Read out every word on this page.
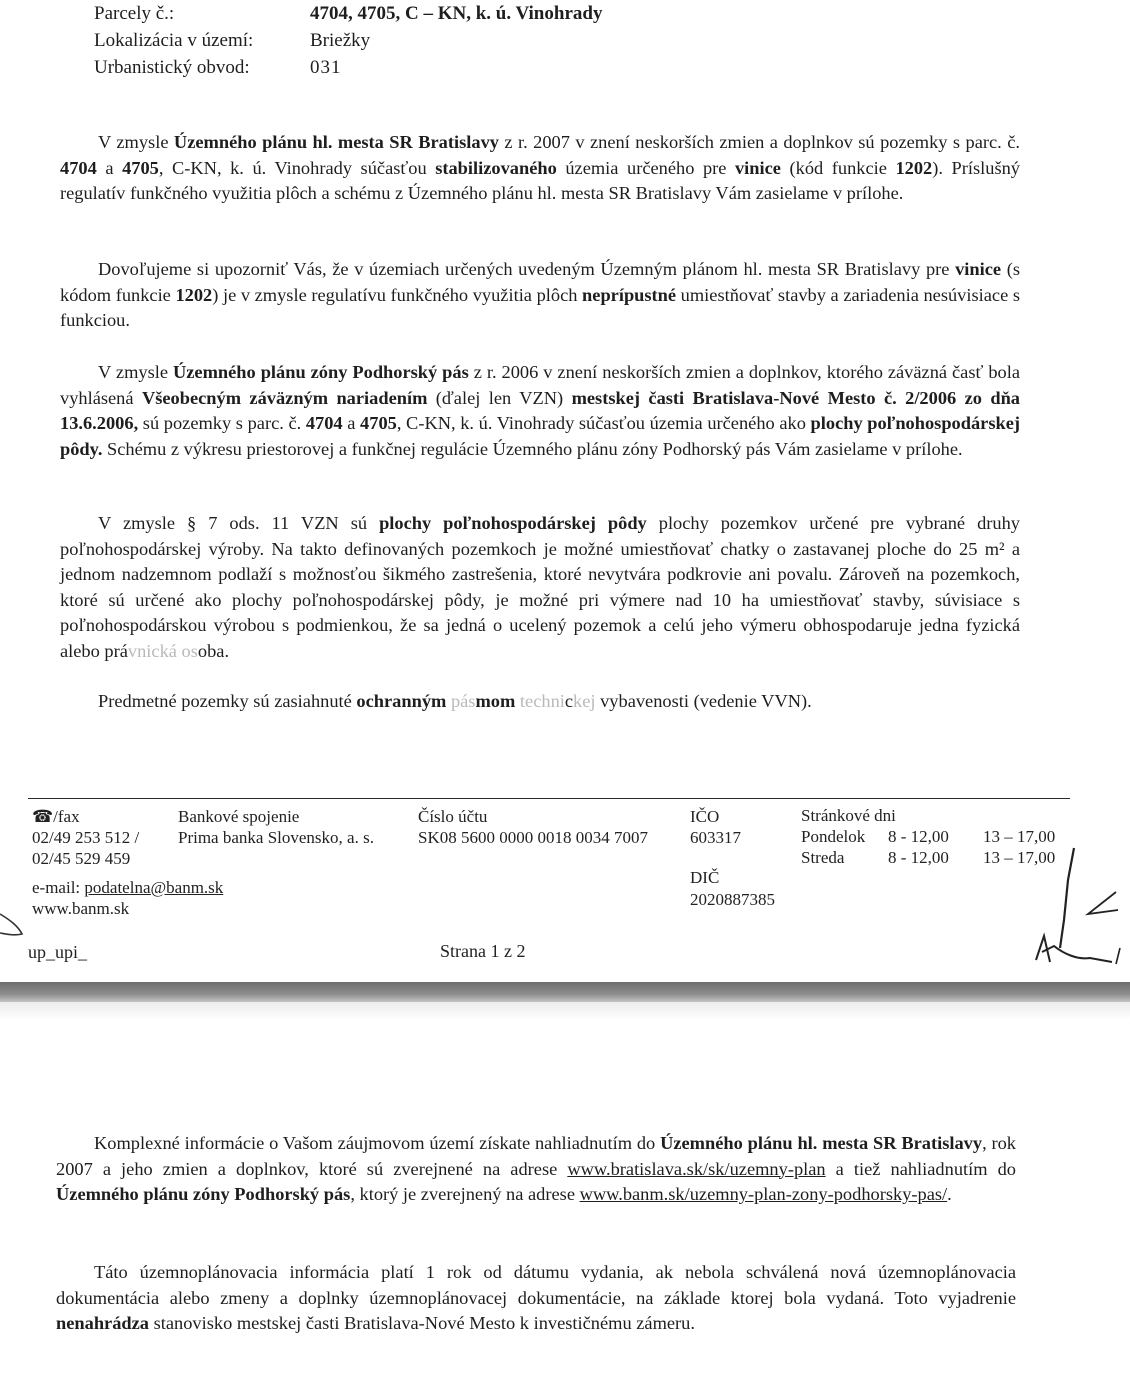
Parcely č.:	4704, 4705, C – KN, k. ú. Vinohrady
Lokalizácia v území:	Briežky
Urbanistický obvod:	031
V zmysle Územného plánu hl. mesta SR Bratislavy z r. 2007 v znení neskorších zmien a doplnkov sú pozemky s parc. č. 4704 a 4705, C-KN, k. ú. Vinohrady súčasťou stabilizovaného územia určeného pre vinice (kód funkcie 1202). Príslušný regulatív funkčného využitia plôch a schému z Územného plánu hl. mesta SR Bratislavy Vám zasielame v prílohe.
Dovoľujeme si upozorniť Vás, že v územiach určených uvedeným Územným plánom hl. mesta SR Bratislavy pre vinice (s kódom funkcie 1202) je v zmysle regulatívu funkčného využitia plôch neprípustné umiestňovať stavby a zariadenia nesúvisiace s funkciou.
V zmysle Územného plánu zóny Podhorský pás z r. 2006 v znení neskorších zmien a doplnkov, ktorého záväzná časť bola vyhlásená Všeobecným záväzným nariadením (ďalej len VZN) mestskej časti Bratislava-Nové Mesto č. 2/2006 zo dňa 13.6.2006, sú pozemky s parc. č. 4704 a 4705, C-KN, k. ú. Vinohrady súčasťou územia určeného ako plochy poľnohospodárskej pôdy. Schému z výkresu priestorovej a funkčnej regulácie Územného plánu zóny Podhorský pás Vám zasielame v prílohe.
V zmysle § 7 ods. 11 VZN sú plochy poľnohospodárskej pôdy plochy pozemkov určené pre vybrané druhy poľnohospodárskej výroby. Na takto definovaných pozemkoch je možné umiestňovať chatky o zastavanej ploche do 25 m² a jednom nadzemnom podlaží s možnosťou šikmého zastrešenia, ktoré nevytvára podkrovie ani povalu. Zároveň na pozemkoch, ktoré sú určené ako plochy poľnohospodárskej pôdy, je možné pri výmere nad 10 ha umiestňovať stavby, súvisiace s poľnohospodárskou výrobou s podmienkou, že sa jedná o ucelený pozemok a celú jeho výmeru obhospodaruje jedna fyzická alebo právnická osoba.
Predmetné pozemky sú zasiahnuté ochranným pásmom technickej vybavenosti (vedenie VVN).
☎/fax
02/49 253 512 /
02/45 529 459
e-mail: podatelna@banm.sk
www.banm.sk
Bankové spojenie
Prima banka Slovensko, a. s.
Číslo účtu
SK08 5600 0000 0018 0034 7007
IČO
603317
DIČ
2020887385
Stránkové dni
Pondelok 8 - 12,00 13 – 17,00
Streda	8 - 12,00 13 – 17,00
up_upi_	Strana 1 z 2
Komplexné informácie o Vašom záujmovom území získate nahliadnutím do Územného plánu hl. mesta SR Bratislavy, rok 2007 a jeho zmien a doplnkov, ktoré sú zverejnené na adrese www.bratislava.sk/sk/uzemny-plan a tiež nahliadnutím do Územného plánu zóny Podhorský pás, ktorý je zverejnený na adrese www.banm.sk/uzemny-plan-zony-podhorsky-pas/.
Táto územnoplánovacia informácia platí 1 rok od dátumu vydania, ak nebola schválená nová územnoplánovacia dokumentácia alebo zmeny a doplnky územnoplánovacej dokumentácie, na základe ktorej bola vydaná. Toto vyjadrenie nenahrádza stanovisko mestskej časti Bratislava-Nové Mesto k investičnému zámeru.
